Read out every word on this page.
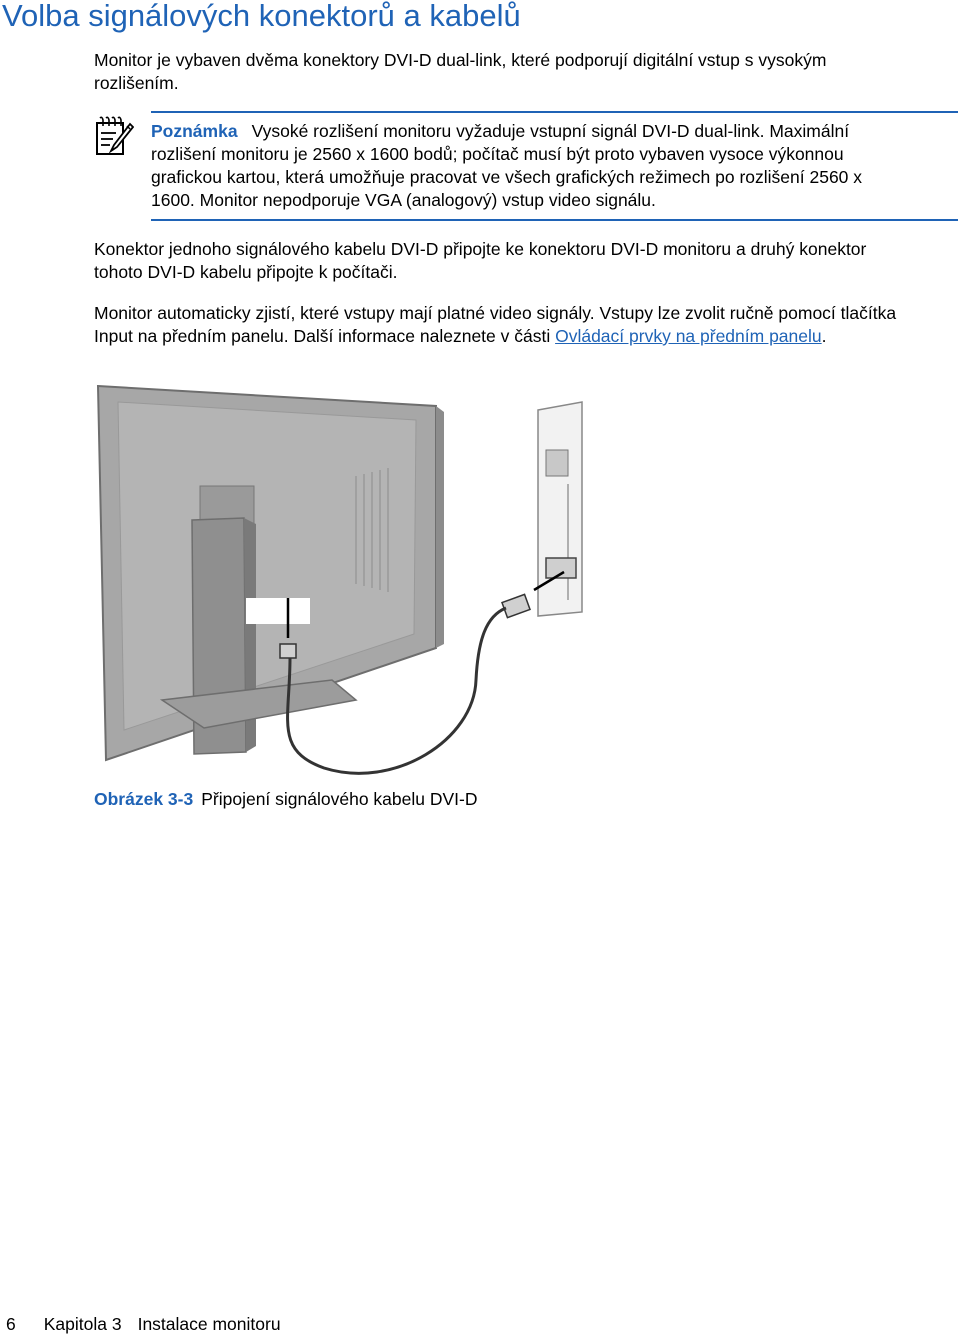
Volba signálových konektorů a kabelů

Monitor je vybaven dvěma konektory DVI-D dual-link, které podporují digitální vstup s vysokým
rozlišením.

Poznámka Vysoké rozlišení monitoru vyžaduje vstupní signál DVI-D dual-link. Maximální
rozlišení monitoru je 2560 x 1600 bodů; počítač musí být proto vybaven vysoce výkonnou
grafickou kartou, která umožňuje pracovat ve všech grafických režimech po rozlišení 2560 x
1600. Monitor nepodporuje VGA (analogový) vstup video signálu.

Konektor jednoho signálového kabelu DVI-D připojte ke konektoru DVI-D monitoru a druhý konektor
tohoto DVI-D kabelu připojte k počítači.

Monitor automaticky zjistí, které vstupy mají platné video signály. Vstupy lze zvolit ručně pomocí tlačítka
Input na předním panelu. Další informace naleznete v části Ovládací prvky na předním panelu.

Obrázek 3-3 Připojení signálového kabelu DVI-D
6 Kapitola 3 Instalace monitoru
